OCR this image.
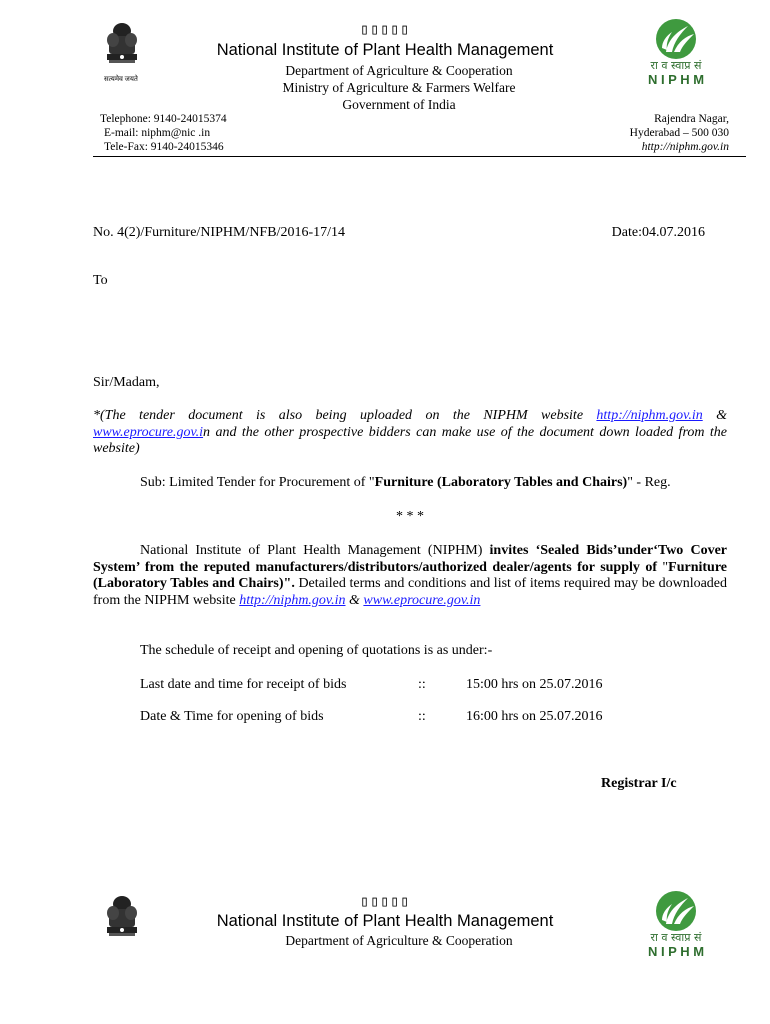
सत्यमेव जयते
▯▯▯▯▯
National Institute of Plant Health Management
Department of Agriculture & Cooperation
Ministry of Agriculture & Farmers Welfare
Government of India
रा व स्वाप्र सं
N I P H M
Telephone: 9140-24015374
E-mail: niphm@nic .in
Tele-Fax: 9140-24015346
Rajendra Nagar,
Hyderabad – 500 030
http://niphm.gov.in
No. 4(2)/Furniture/NIPHM/NFB/2016-17/14	Date:04.07.2016
To
Sir/Madam,
*(The tender document is also being uploaded on the NIPHM website http://niphm.gov.in & www.eprocure.gov.in and the other prospective bidders can make use of the document down loaded from the website)
Sub: Limited Tender for Procurement of "Furniture (Laboratory Tables and Chairs)" - Reg.
* * *
National Institute of Plant Health Management (NIPHM) invites ‘Sealed Bids’under‘Two Cover System’ from the reputed manufacturers/distributors/authorized dealer/agents for supply of "Furniture (Laboratory Tables and Chairs)". Detailed terms and conditions and list of items required may be downloaded from the NIPHM website http://niphm.gov.in & www.eprocure.gov.in
The schedule of receipt and opening of quotations is as under:-
Last date and time for receipt of bids	::	15:00 hrs on 25.07.2016
Date & Time for opening of bids	::	16:00 hrs on 25.07.2016
Registrar I/c
▯▯▯▯▯
National Institute of Plant Health Management
Department of Agriculture & Cooperation	रा व स्वाप्र सं
N I P H M
